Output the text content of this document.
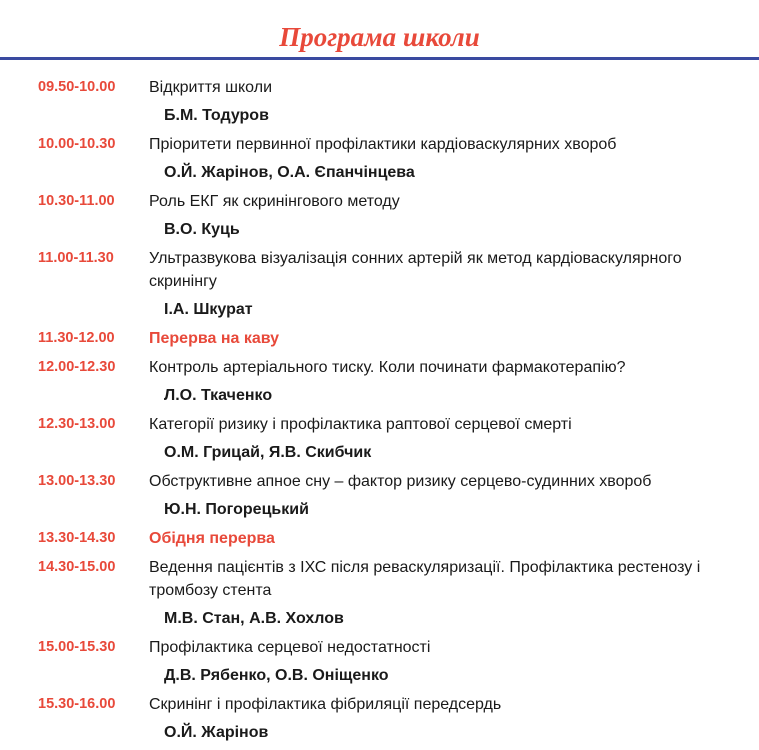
Програма школи
09.50-10.00	Відкриття школи
Б.М. Тодуров
10.00-10.30	Пріоритети первинної профілактики кардіоваскулярних хвороб
О.Й. Жарінов, О.А. Єпанчінцева
10.30-11.00	Роль ЕКГ як скринінгового методу
В.О. Куць
11.00-11.30	Ультразвукова візуалізація сонних артерій як метод кардіоваскулярного скринінгу
І.А. Шкурат
11.30-12.00	Перерва на каву
12.00-12.30	Контроль артеріального тиску. Коли починати фармакотерапію?
Л.О. Ткаченко
12.30-13.00	Категорії ризику і профілактика раптової серцевої смерті
О.М. Грицай, Я.В. Скибчик
13.00-13.30	Обструктивне апное сну – фактор ризику серцево-судинних хвороб
Ю.Н. Погорецький
13.30-14.30	Обідня перерва
14.30-15.00	Ведення пацієнтів з ІХС після реваскуляризації. Профілактика рестенозу і тромбозу стента
М.В. Стан, А.В. Хохлов
15.00-15.30	Профілактика серцевої недостатності
Д.В. Рябенко, О.В. Оніщенко
15.30-16.00	Скринінг і профілактика фібриляції передсердь
О.Й. Жарінов
